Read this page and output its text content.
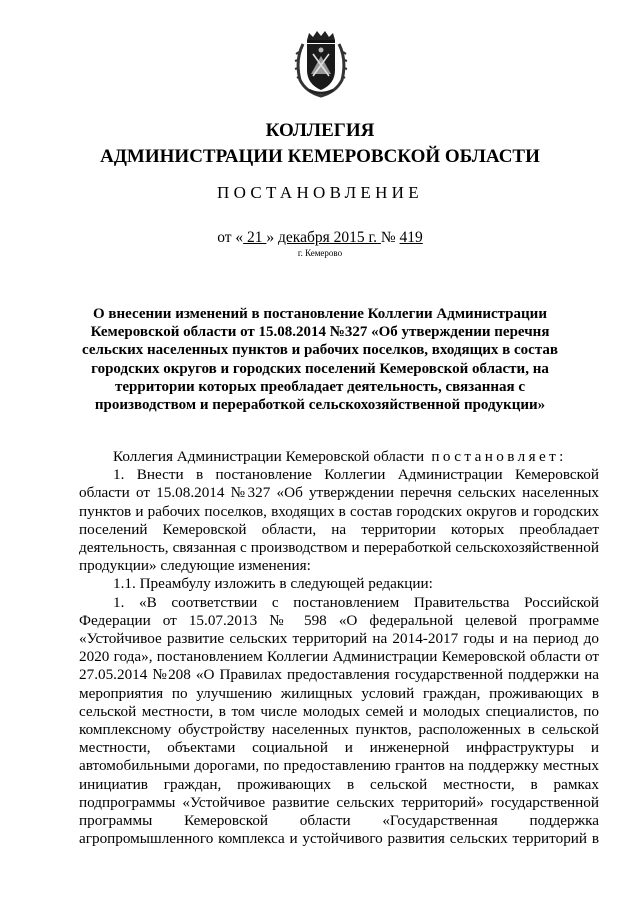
КОЛЛЕГИЯ
АДМИНИСТРАЦИИ КЕМЕРОВСКОЙ ОБЛАСТИ
ПОСТАНОВЛЕНИЕ
от « 21 » декабря 2015 г. № 419
г. Кемерово
О внесении изменений в постановление Коллегии Администрации
Кемеровской области от 15.08.2014 №327 «Об утверждении перечня
сельских населенных пунктов и рабочих поселков, входящих в состав
городских округов и городских поселений Кемеровской области, на
территории которых преобладает деятельность, связанная с
производством и переработкой сельскохозяйственной продукции»
Коллегия Администрации Кемеровской области постановляет:
1. Внести в постановление Коллегии Администрации Кемеровской
области от 15.08.2014 №327 «Об утверждении перечня сельских населенных
пунктов и рабочих поселков, входящих в состав городских округов и городских
поселений Кемеровской области, на территории которых преобладает
деятельность, связанная с производством и переработкой сельскохозяйственной
продукции» следующие изменения:
1.1. Преамбулу изложить в следующей редакции:
1. «В соответствии с постановлением Правительства Российской
Федерации от 15.07.2013 № 598 «О федеральной целевой программе
«Устойчивое развитие сельских территорий на 2014-2017 годы и на период до
2020 года», постановлением Коллегии Администрации Кемеровской области от
27.05.2014 №208 «О Правилах предоставления государственной поддержки на
мероприятия по улучшению жилищных условий граждан, проживающих в
сельской местности, в том числе молодых семей и молодых специалистов, по
комплексному обустройству населенных пунктов, расположенных в сельской
местности, объектами социальной и инженерной инфраструктуры и
автомобильными дорогами, по предоставлению грантов на поддержку местных
инициатив граждан, проживающих в сельской местности, в рамках
подпрограммы «Устойчивое развитие сельских территорий» государственной
программы Кемеровской области «Государственная поддержка
агропромышленного комплекса и устойчивого развития сельских территорий в
